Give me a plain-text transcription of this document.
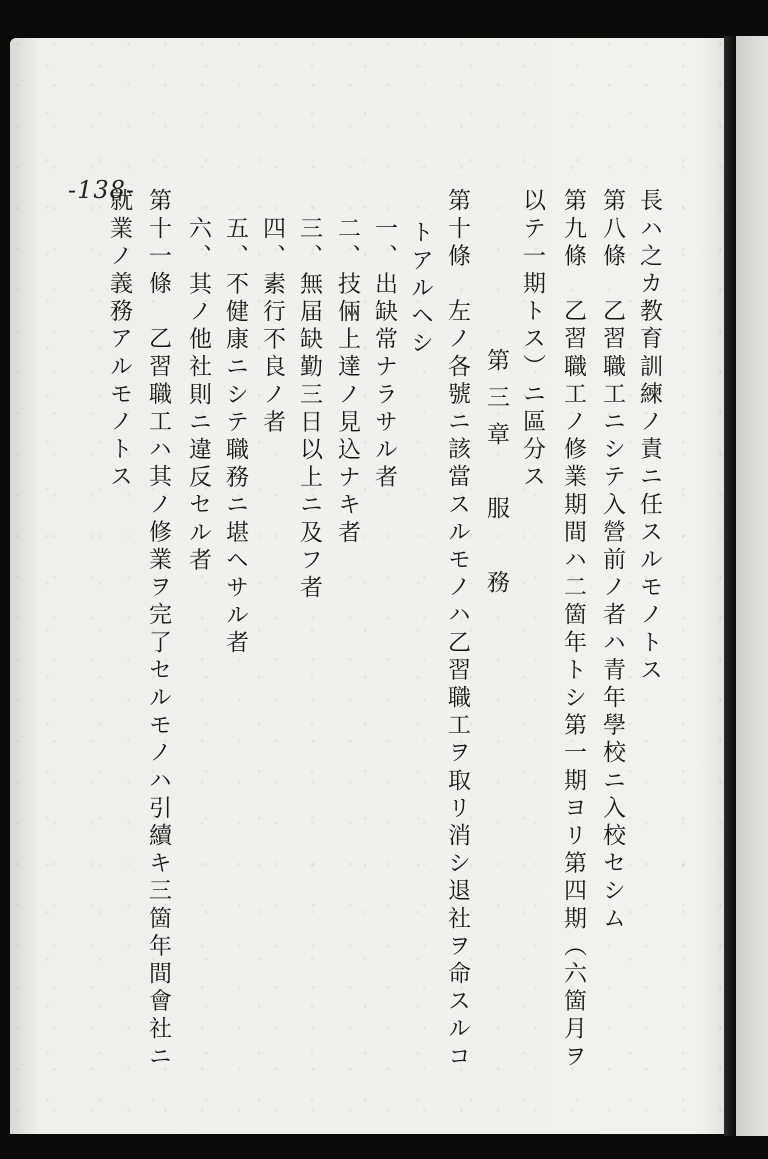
-138-	長ハ之カ教育訓練ノ責ニ任スルモノトス
第八條　乙習職工ニシテ入營前ノ者ハ青年學校ニ入校セシム
第九條　乙習職工ノ修業期間ハ二箇年トシ第一期ヨリ第四期（六箇月ヲ
以テ一期トス）ニ區分ス
第三章　服　務
第十條　左ノ各號ニ該當スルモノハ乙習職工ヲ取リ消シ退社ヲ命スルコ
トアルヘシ
一、出缺常ナラサル者
二、技倆上達ノ見込ナキ者
三、無届缺勤三日以上ニ及フ者
四、素行不良ノ者
五、不健康ニシテ職務ニ堪ヘサル者
六、其ノ他社則ニ違反セル者
第十一條　乙習職工ハ其ノ修業ヲ完了セルモノハ引續キ三箇年間會社ニ
就業ノ義務アルモノトス
